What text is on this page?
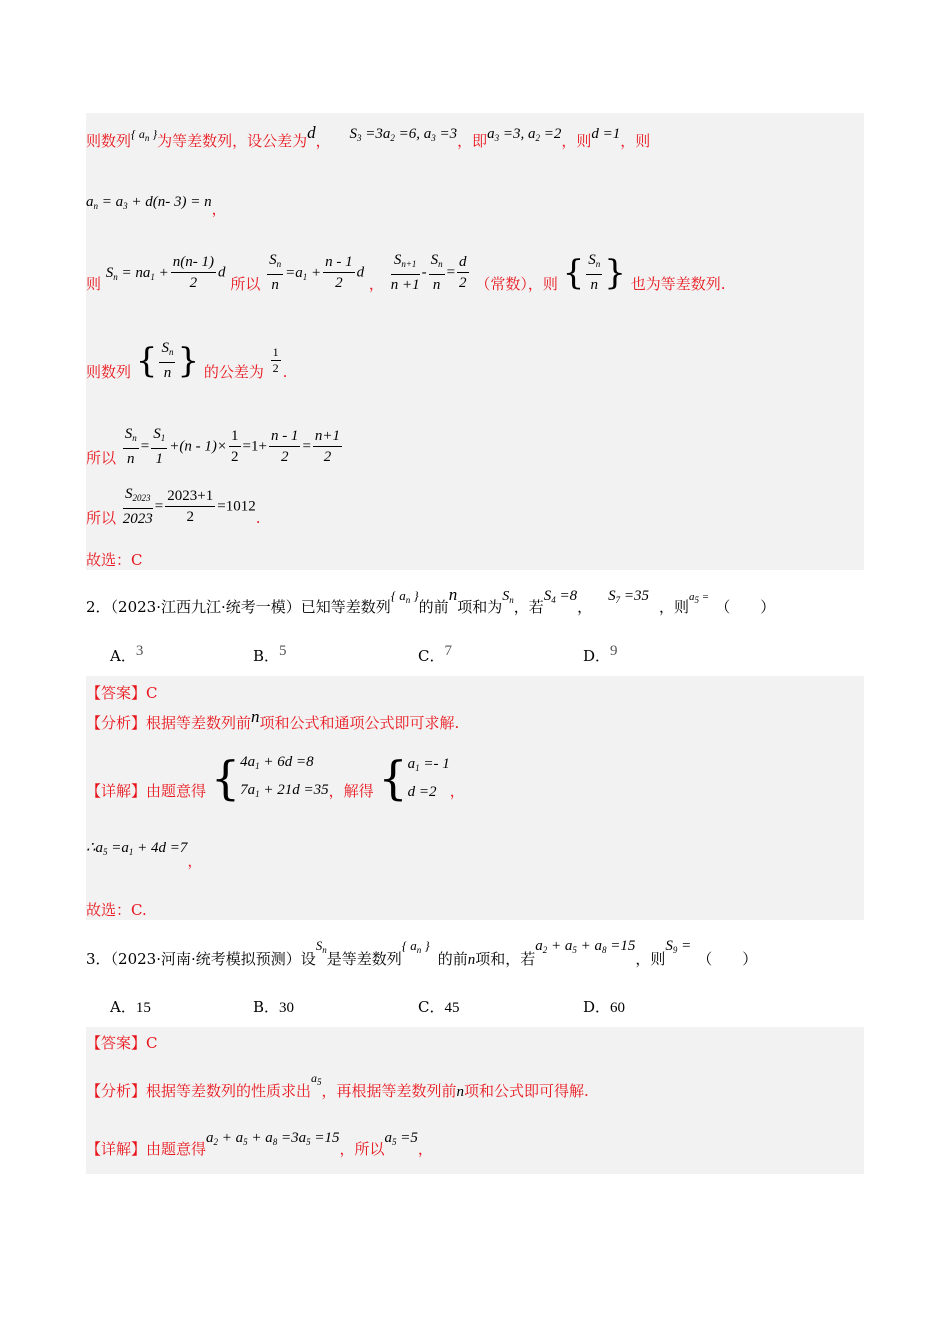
则数列{ $a_n$ }为等差数列，设公差为d， $S_3 =3a_2 =6$, $a_3 =3$，即$a_3 =3$, $a_2 =2$，则d =1，则
$a_n = a_3 + d(n-$ 3) = n，
则 $S_n = na_1 + \frac{n(n- 1)}{2}$ d 所以 $\frac{S_n}{n} =a_1 + \frac{n - 1}{2}$ d ， $\frac{S_{n+1}}{n +1} - \frac{S_n}{n} = \frac{d}{2}$ （常数），则 { $\frac{S_n}{n}$ } 也为等差数列.
则数列 { $\frac{S_n}{n}$ } 的公差为 $\frac{1}{2}$ .
所以 $\frac{S_n}{n} = \frac{S_1}{1} +(n - 1)\times \frac{1}{2} =1+ \frac{n - 1}{2} = \frac{n+1}{2}$
所以 $\frac{S_{2023}}{2023} = \frac{2023+1}{2} =1012$.
故选：C
2．（2023·江西九江·统考一模）已知等差数列{ $a_n$ }的前n项和为$S_n$，若$S_4 =8$，$S_7 =35$，则$a_5$ =（　　）
A．3	B．5	C．7	D．9
【答案】C
【分析】根据等差数列前n项和公式和通项公式即可求解.
【详解】由题意得 { $4a_1 + 6d =8$
$7a_1 + 21d =35$ ，解得 { $a_1 =- 1$
d =2 ，
$\therefore a_5 =a_1 + 4d =7$，
故选：C.
3．（2023·河南·统考模拟预测）设$S_n$是等差数列{ $a_n$ }的前n项和，若$a_2 + a_5 + a_8 =15$，则$S_9$ =（　　）
A．15	B．30	C．45	D．60
【答案】C
【分析】根据等差数列的性质求出$a_5$，再根据等差数列前n项和公式即可得解.
【详解】由题意得$a_2 + a_5 + a_8 =3a_5 =15$，所以$a_5 =5$，
